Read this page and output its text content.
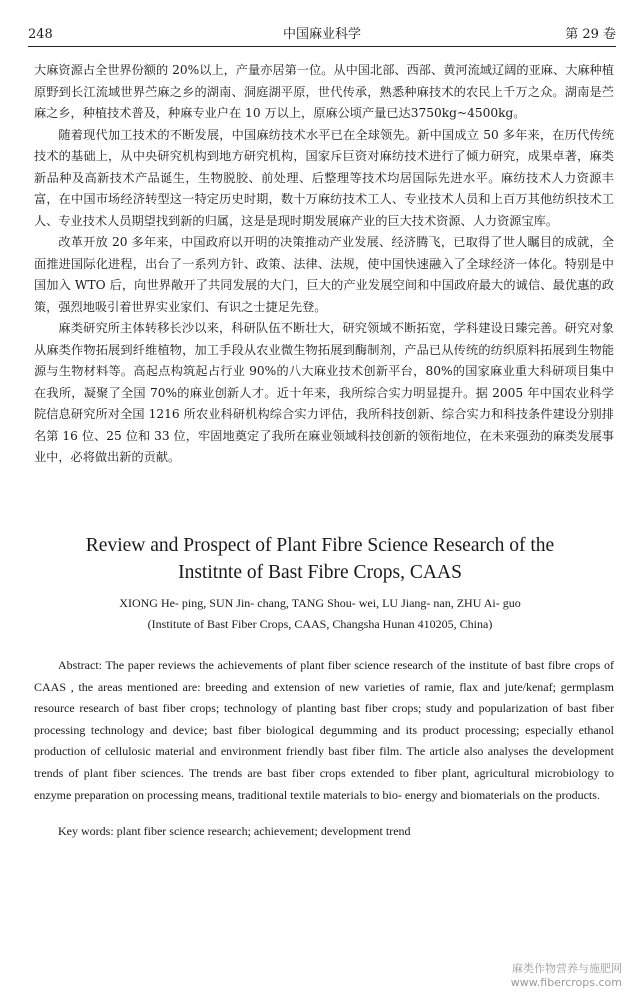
248	中国麻业科学	第 29 卷

大麻资源占全世界份额的 20%以上，产量亦居第一位。从中国北部、西部、黄河流域辽阔的亚麻、大麻种植原野到长江流域世界苎麻之乡的湖南、洞庭湖平原，世代传承，熟悉种麻技术的农民上千万之众。湖南是苎麻之乡，种植技术普及，种麻专业户在 10 万以上，原麻公顷产量已达3750kg~4500kg。

随着现代加工技术的不断发展，中国麻纺技术水平已在全球领先。新中国成立 50 多年来，在历代传统技术的基础上，从中央研究机构到地方研究机构，国家斥巨资对麻纺技术进行了倾力研究，成果卓著，麻类新品种及高新技术产品诞生，生物脱胶、前处理、后整理等技术均居国际先进水平。麻纺技术人力资源丰富，在中国市场经济转型这一特定历史时期，数十万麻纺技术工人、专业技术人员和上百万其他纺织技术工人、专业技术人员期望找到新的归属，这是是现时期发展麻产业的巨大技术资源、人力资源宝库。

改革开放 20 多年来，中国政府以开明的决策推动产业发展、经济腾飞，已取得了世人瞩目的成就，全面推进国际化进程，出台了一系列方针、政策、法律、法规，使中国快速融入了全球经济一体化。特别是中国加入 WTO 后，向世界敞开了共同发展的大门，巨大的产业发展空间和中国政府最大的诚信、最优惠的政策，强烈地吸引着世界实业家们、有识之士捷足先登。

麻类研究所主体转移长沙以来，科研队伍不断壮大，研究领域不断拓宽，学科建设日臻完善。研究对象从麻类作物拓展到纤维植物，加工手段从农业微生物拓展到酶制剂，产品已从传统的纺织原料拓展到生物能源与生物材料等。高起点构筑起占行业 90%的八大麻业技术创新平台，80%的国家麻业重大科研项目集中在我所，凝聚了全国 70%的麻业创新人才。近十年来，我所综合实力明显提升。据 2005 年中国农业科学院信息研究所对全国 1216 所农业科研机构综合实力评估，我所科技创新、综合实力和科技条件建设分别排名第 16 位、25 位和 33 位，牢固地奠定了我所在麻业领域科技创新的领衔地位，在未来强劲的麻类发展事业中，必将做出新的贡献。

Review and Prospect of Plant Fibre Science Research of the
Institnte of Bast Fibre Crops, CAAS
XIONG He- ping, SUN Jin- chang, TANG Shou- wei, LU Jiang- nan, ZHU Ai- guo
(Institute of Bast Fiber Crops, CAAS, Changsha Hunan 410205, China)
Abstract: The paper reviews the achievements of plant fiber science research of the institute of bast fibre crops of CAAS , the areas mentioned are: breeding and extension of new varieties of ramie, flax and jute/kenaf; germplasm resource research of bast fiber crops; technology of planting bast fiber crops; study and popularization of bast fiber processing technology and device; bast fiber biological degumming and its product processing; especially ethanol production of cellulosic material and environment friendly bast fiber film. The article also analyses the development trends of plant fiber sciences. The trends are bast fiber crops extended to fiber plant, agricultural microbiology to enzyme preparation on processing means, traditional textile materials to bio- energy and biomaterials on the products.
Key words: plant fiber science research; achievement; development trend
麻类作物营养与施肥网
www.fibercrops.com
